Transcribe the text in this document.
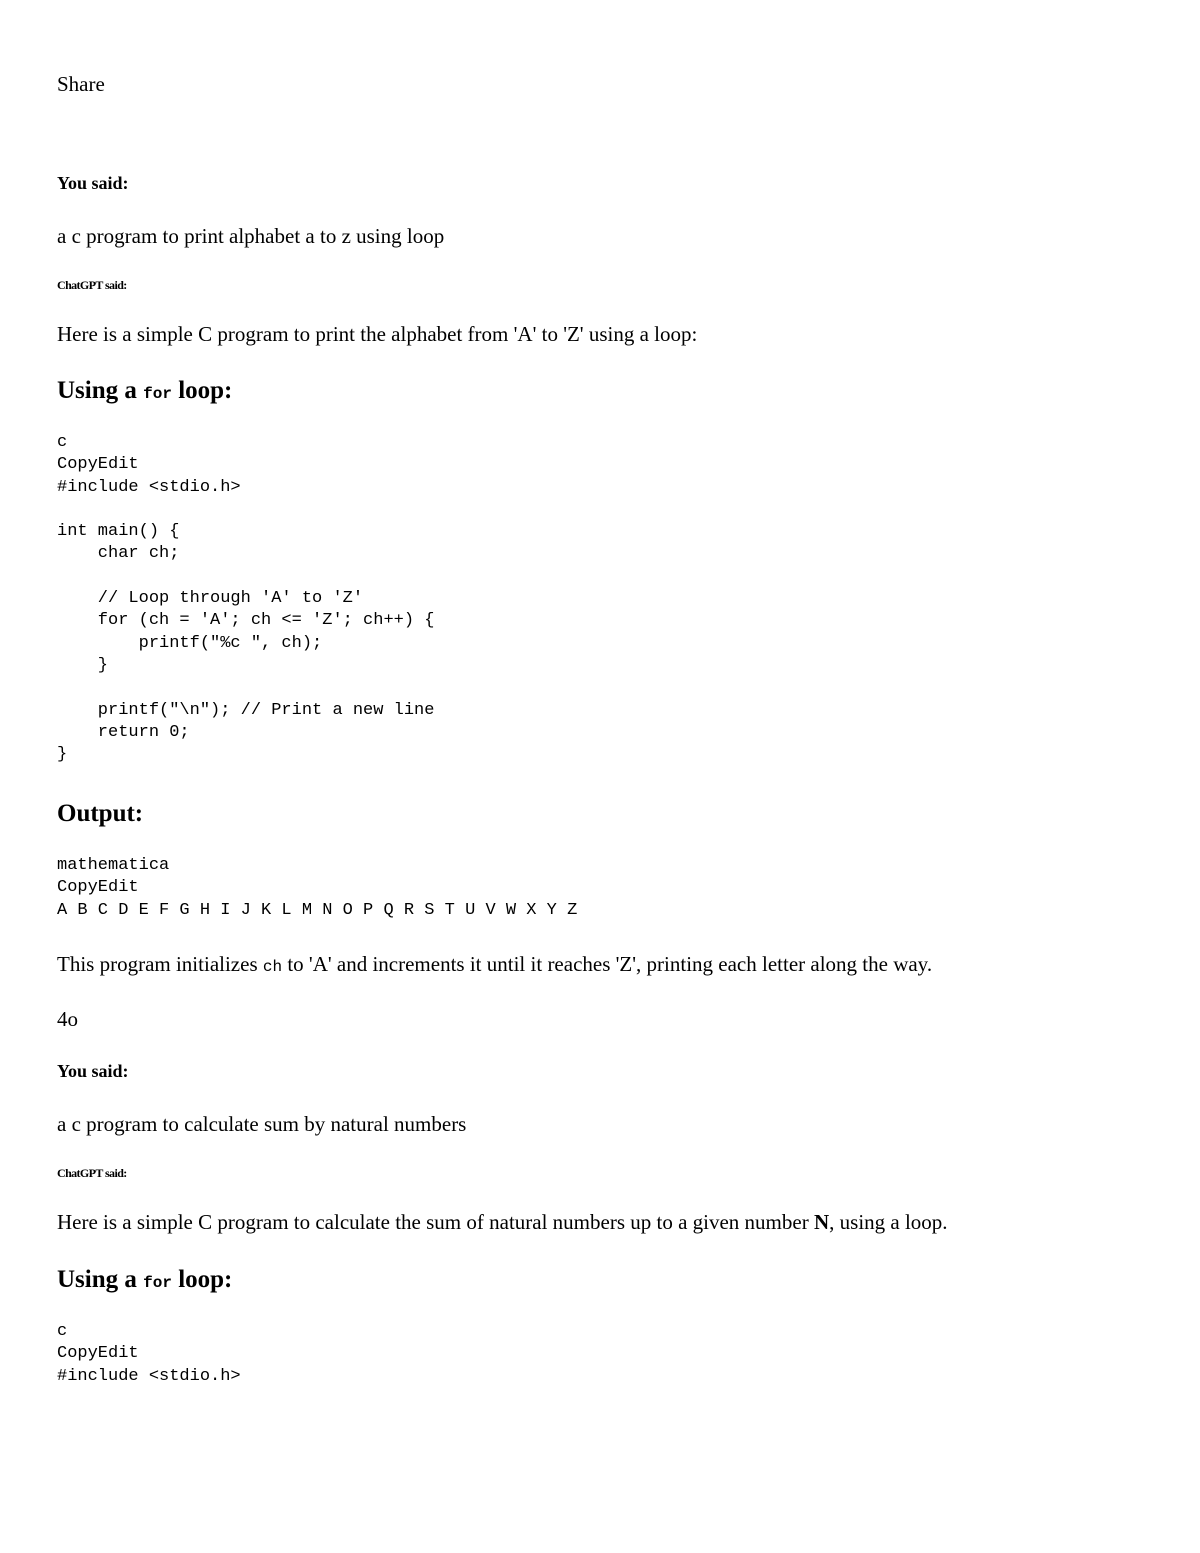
Share

You said:

a c program to print alphabet a to z using loop

ChatGPT said:

Here is a simple C program to print the alphabet from 'A' to 'Z' using a loop:

Using a for loop:
c
CopyEdit
#include <stdio.h>

int main() {
char ch;

// Loop through 'A' to 'Z'
for (ch = 'A'; ch <= 'Z'; ch++) {
printf("%c ", ch);
}

printf("\n"); // Print a new line
return 0;
}
Output:
mathematica
CopyEdit
A B C D E F G H I J K L M N O P Q R S T U V W X Y Z

This program initializes ch to 'A' and increments it until it reaches 'Z', printing each letter along the way.

4o

You said:

a c program to calculate sum by natural numbers

ChatGPT said:

Here is a simple C program to calculate the sum of natural numbers up to a given number N, using a loop.

Using a for loop:
c
CopyEdit
#include <stdio.h>
